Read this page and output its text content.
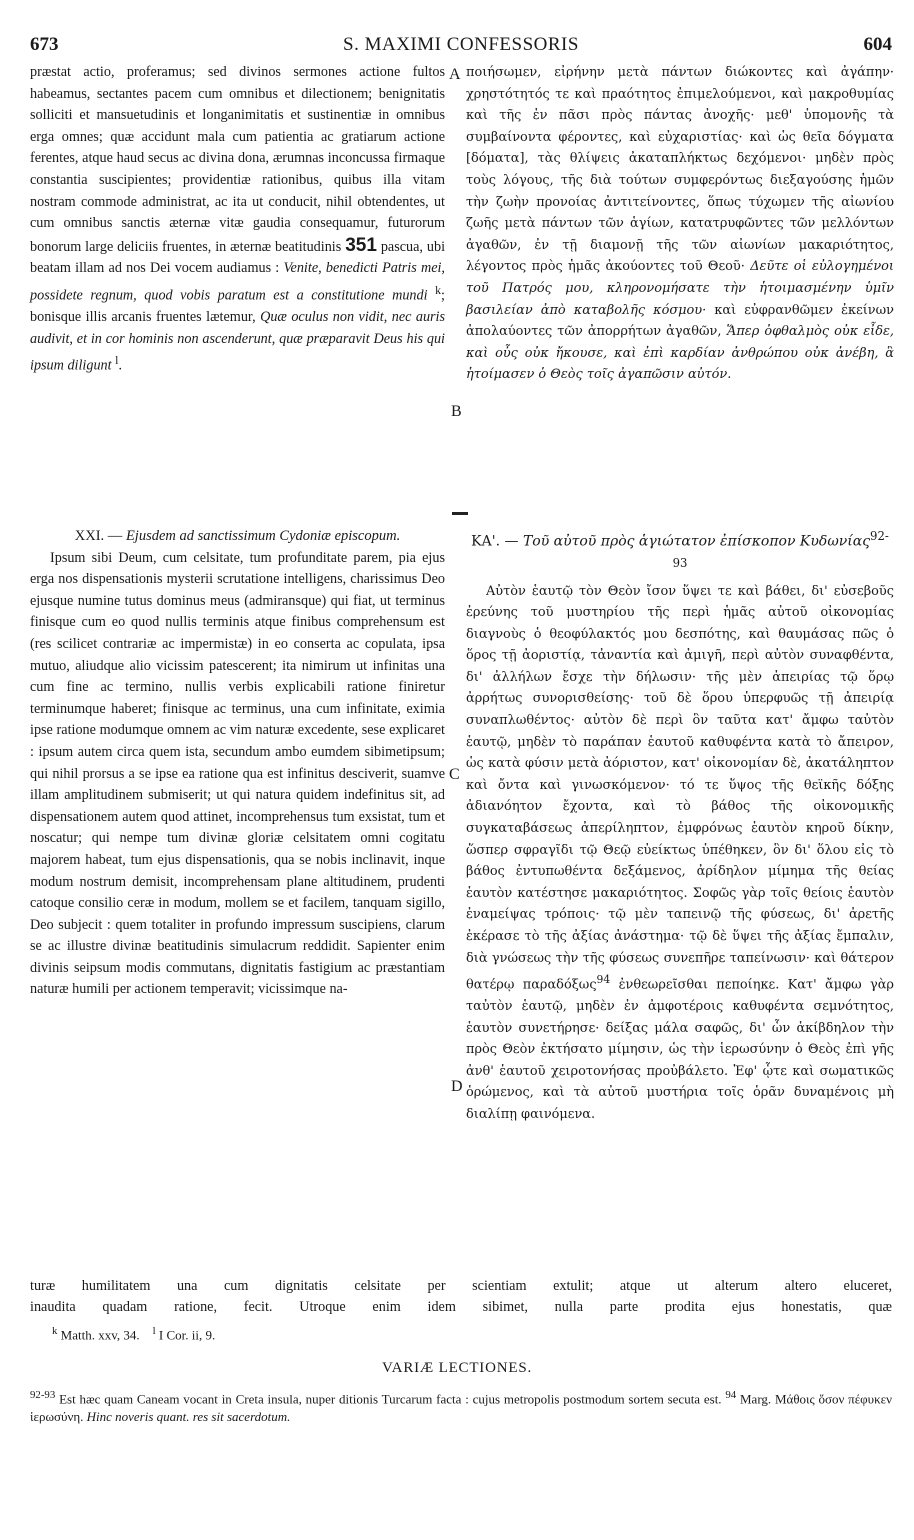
673	S. MAXIMI CONFESSORIS	604
A
B
C
D

præstat actio, proferamus; sed divinos sermones actione fultos habeamus, sectantes pacem cum omnibus et dilectionem; benignitatis solliciti et mansuetudinis et longanimitatis et sustinentiæ in omnibus erga omnes; quæ accidunt mala cum patientia ac gratiarum actione ferentes, atque haud secus ac divina dona, ærumnas inconcussa firmaque constantia suscipientes; providentiæ rationibus, quibus illa vitam nostram commode administrat, ac ita ut conducit, nihil obtendentes, ut cum omnibus sanctis æternæ vitæ gaudia consequamur, futurorum bonorum large deliciis fruentes, in æternæ beatitudinis 351 pascua, ubi beatam illam ad nos Dei vocem audiamus : Venite, benedicti Patris mei, possidete regnum, quod vobis paratum est a constitutione mundi $^k$; bonisque illis arcanis fruentes lætemur, Quæ oculus non vidit, nec auris audivit, et in cor hominis non ascenderunt, quæ præparavit Deus his qui ipsum diligunt $^l$.

ποιήσωμεν, εἰρήνην μετὰ πάντων διώκοντες καὶ ἀγάπην· χρηστότητός τε καὶ πραότητος ἐπιμελούμενοι, καὶ μακροθυμίας καὶ τῆς ἐν πᾶσι πρὸς πάντας ἀνοχῆς· μεθ' ὑπομονῆς τὰ συμβαίνοντα φέροντες, καὶ εὐχαριστίας· καὶ ὡς θεῖα δόγματα [δόματα], τὰς θλίψεις ἀκαταπλήκτως δεχόμενοι· μηδὲν πρὸς τοὺς λόγους, τῆς διὰ τούτων συμφερόντως διεξαγούσης ἡμῶν τὴν ζωὴν προνοίας ἀντιτείνοντες, ὅπως τύχωμεν τῆς αἰωνίου ζωῆς μετὰ πάντων τῶν ἁγίων, κατατρυφῶντες τῶν μελλόντων ἀγαθῶν, ἐν τῇ διαμονῇ τῆς τῶν αἰωνίων μακαριότητος, λέγοντος πρὸς ἡμᾶς ἀκούοντες τοῦ Θεοῦ· Δεῦτε οἱ εὐλογημένοι τοῦ Πατρός μου, κληρονομήσατε τὴν ἡτοιμασμένην ὑμῖν βασιλείαν ἀπὸ καταβολῆς κόσμου· καὶ εὐφρανθῶμεν ἐκείνων ἀπολαύοντες τῶν ἀπορρήτων ἀγαθῶν, Ἅπερ ὀφθαλμὸς οὐκ εἶδε, καὶ οὖς οὐκ ἤκουσε, καὶ ἐπὶ καρδίαν ἀνθρώπου οὐκ ἀνέβη, ἃ ἡτοίμασεν ὁ Θεὸς τοῖς ἀγαπῶσιν αὐτόν.

XXI. — Ejusdem ad sanctissimum Cydoniæ episcopum.

Ipsum sibi Deum, cum celsitate, tum profunditate parem, pia ejus erga nos dispensationis mysterii scrutatione intelligens, charissimus Deo ejusque numine tutus dominus meus (admiransque) qui fiat, ut terminus finisque cum eo quod nullis terminis atque finibus comprehensum est (res scilicet contrariæ ac impermistæ) in eo conserta ac copulata, ipsa mutuo, aliudque alio vicissim patescerent; ita nimirum ut infinitas una cum fine ac termino, nullis verbis explicabili ratione finiretur terminumque haberet; finisque ac terminus, una cum infinitate, eximia ipse ratione modumque omnem ac vim naturæ excedente, sese explicaret : ipsum autem circa quem ista, secundum ambo eumdem sibimetipsum; qui nihil prorsus a se ipse ea ratione qua est infinitus desciverit, suamve illam amplitudinem submiserit; ut qui natura quidem indefinitus sit, ad dispensationem autem quod attinet, incomprehensus tum exsistat, tum et noscatur; qui nempe tum divinæ gloriæ celsitatem omni cogitatu majorem habeat, tum ejus dispensationis, qua se nobis inclinavit, inque modum nostrum demisit, incomprehensam plane altitudinem, prudenti catoque consilio ceræ in modum, mollem se et facilem, tanquam sigillo, Deo subjecit : quem totaliter in profundo impressum suscipiens, clarum se ac illustre divinæ beatitudinis simulacrum reddidit. Sapienter enim divinis seipsum modis commutans, dignitatis fastigium ac præstantiam naturæ humili per actionem temperavit; vicissimque na-

ΚΑ'. — Τοῦ αὐτοῦ πρὸς ἁγιώτατον ἐπίσκοπον Κυδωνίας$^{92-93}$

Αὐτὸν ἑαυτῷ τὸν Θεὸν ἴσον ὕψει τε καὶ βάθει, δι' εὐσεβοῦς ἐρεύνης τοῦ μυστηρίου τῆς περὶ ἡμᾶς αὐτοῦ οἰκονομίας διαγνοὺς ὁ θεοφύλακτός μου δεσπότης, καὶ θαυμάσας πῶς ὁ ὅρος τῇ ἀοριστίᾳ, τἀναντία καὶ ἀμιγῆ, περὶ αὐτὸν συναφθέντα, δι' ἀλλήλων ἔσχε τὴν δήλωσιν· τῆς μὲν ἀπειρίας τῷ ὅρῳ ἀρρήτως συνορισθείσης· τοῦ δὲ ὅρου ὑπερφυῶς τῇ ἀπειρίᾳ συναπλωθέντος· αὐτὸν δὲ περὶ ὃν ταῦτα κατ' ἄμφω ταὐτὸν ἑαυτῷ, μηδὲν τὸ παράπαν ἑαυτοῦ καθυφέντα κατὰ τὸ ἄπειρον, ὡς κατὰ φύσιν μετὰ ἀόριστον, κατ' οἰκονομίαν δὲ, ἀκατάληπτον καὶ ὄντα καὶ γινωσκόμενον· τό τε ὕψος τῆς θεϊκῆς δόξης ἀδιανόητον ἔχοντα, καὶ τὸ βάθος τῆς οἰκονομικῆς συγκαταβάσεως ἀπερίληπτον, ἐμφρόνως ἑαυτὸν κηροῦ δίκην, ὥσπερ σφραγῖδι τῷ Θεῷ εὐείκτως ὑπέθηκεν, ὃν δι' ὅλου εἰς τὸ βάθος ἐντυπωθέντα δεξάμενος, ἀρίδηλον μίμημα τῆς θείας ἑαυτὸν κατέστησε μακαριότητος. Σοφῶς γὰρ τοῖς θείοις ἑαυτὸν ἐναμείψας τρόποις· τῷ μὲν ταπεινῷ τῆς φύσεως, δι' ἀρετῆς ἐκέρασε τὸ τῆς ἀξίας ἀνάστημα· τῷ δὲ ὕψει τῆς ἀξίας ἔμπαλιν, διὰ γνώσεως τὴν τῆς φύσεως συνεπῆρε ταπείνωσιν· καὶ θάτερον θατέρῳ παραδόξως$^{94}$ ἐνθεωρεῖσθαι πεποίηκε. Κατ' ἄμφω γὰρ ταὐτὸν ἑαυτῷ, μηδὲν ἐν ἀμφοτέροις καθυφέντα σεμνότητος, ἑαυτὸν συνετήρησε· δείξας μάλα σαφῶς, δι' ὧν ἀκίβδηλον τὴν πρὸς Θεὸν ἐκτήσατο μίμησιν, ὡς τὴν ἱερωσύνην ὁ Θεὸς ἐπὶ γῆς ἀνθ' ἑαυτοῦ χειροτονήσας προὐβάλετο. Ἐφ' ᾧτε καὶ σωματικῶς ὁρώμενος, καὶ τὰ αὐτοῦ μυστήρια τοῖς ὁρᾶν δυναμένοις μὴ διαλίπῃ φαινόμενα.

turæ humilitatem una cum dignitatis celsitate per scientiam extulit; atque ut alterum altero eluceret,
inaudita quadam ratione, fecit. Utroque enim idem sibimet, nulla parte prodita ejus honestatis, quæ
$^k$ Matth. xxv, 34. $^l$ I Cor. ii, 9.
VARIÆ LECTIONES.
$^{92-93}$ Est hæc quam Caneam vocant in Creta insula, nuper ditionis Turcarum facta : cujus metropolis postmodum sortem secuta est. $^{94}$ Marg. Μάθοις ὅσον πέφυκεν ἱερωσύνη. Hinc noveris quant. res sit sacerdotum.
